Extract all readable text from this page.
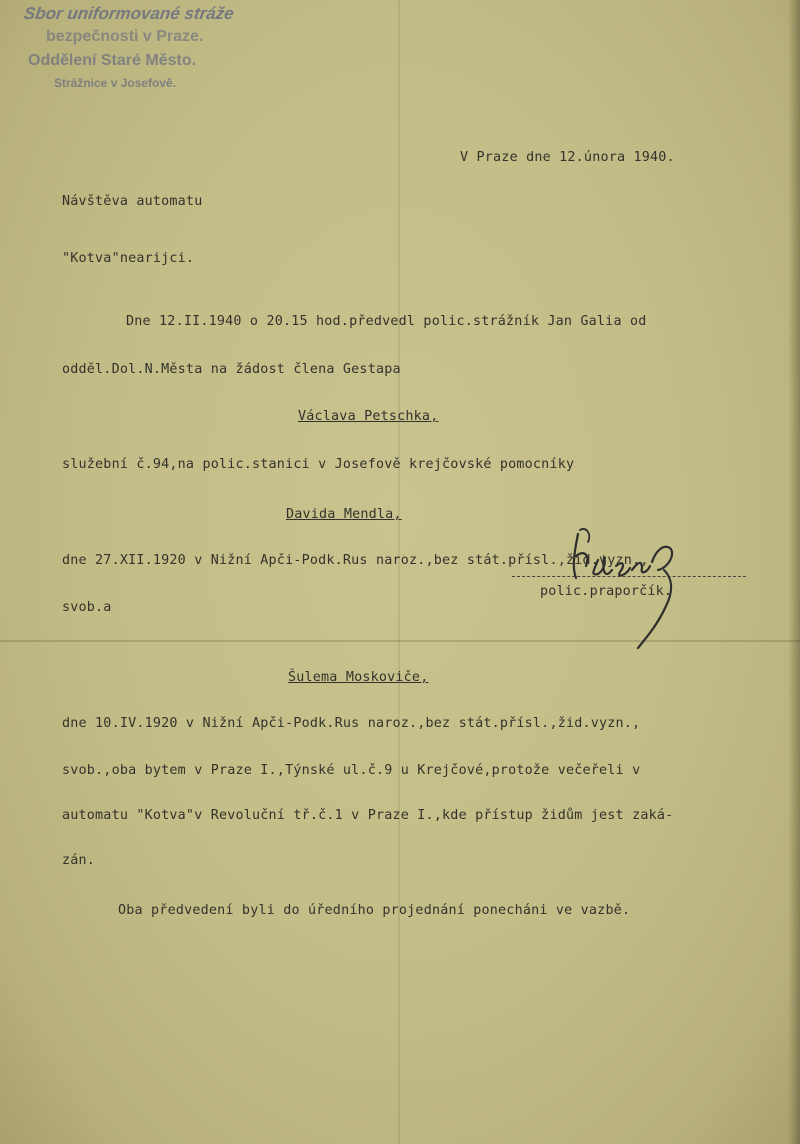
Sbor uniformované stráže
bezpečnosti v Praze.
Oddělení Staré Město.
Strážnice v Josefově.

Návštěva automatu

"Kotva"nearijci.

V Praze dne 12.února 1940.

Dne 12.II.1940 o 20.15 hod.předvedl polic.strážník Jan Galia od

odděl.Dol.N.Města na žádost člena Gestapa

Václava Petschka,

služební č.94,na polic.stanici v Josefově krejčovské pomocníky

Davida Mendla,

dne 27.XII.1920 v Nižní Apči-Podk.Rus naroz.,bez stát.přísl.,žid.vyzn.,

svob.a

Šulema Moskoviče,

dne 10.IV.1920 v Nižní Apči-Podk.Rus naroz.,bez stát.přísl.,žid.vyzn.,

svob.,oba bytem v Praze I.,Týnské ul.č.9 u Krejčové,protože večeřeli v

automatu "Kotva"v Revoluční tř.č.1 v Praze I.,kde přístup židům jest zaká-

zán.

Oba předvedení byli do úředního projednání ponecháni ve vazbě.

polic.praporčík.
